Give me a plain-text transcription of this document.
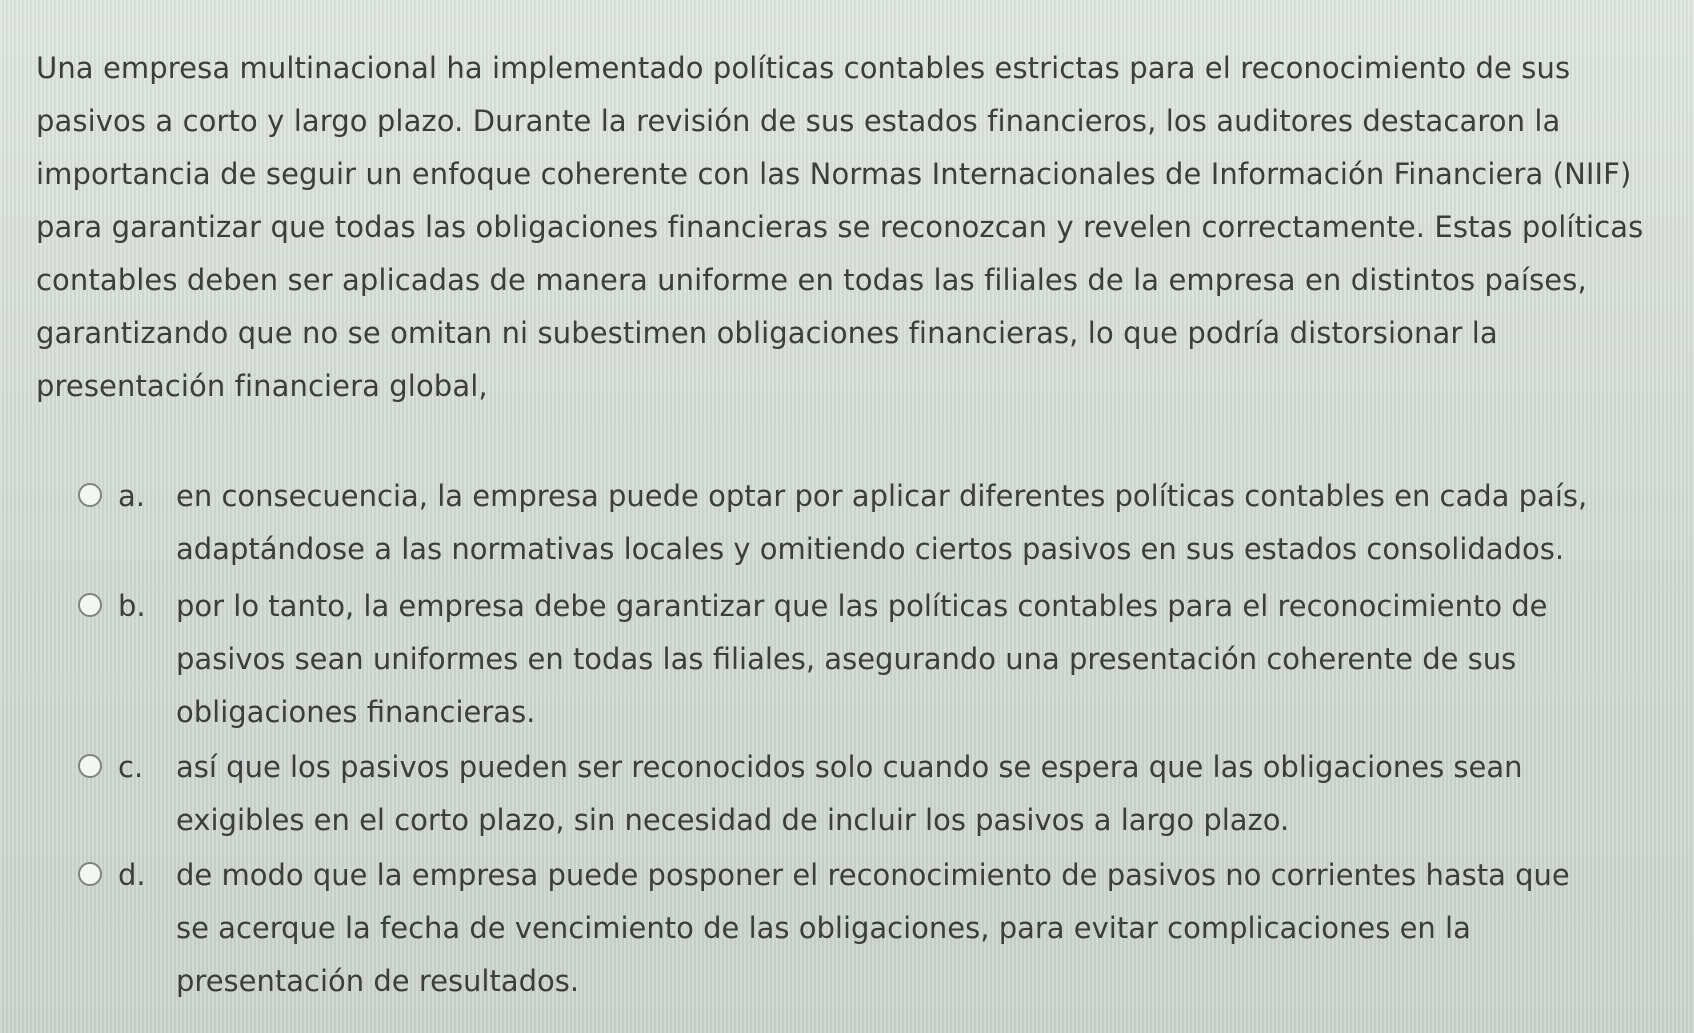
Una empresa multinacional ha implementado políticas contables estrictas para el reconocimiento de sus pasivos a corto y largo plazo. Durante la revisión de sus estados financieros, los auditores destacaron la importancia de seguir un enfoque coherente con las Normas Internacionales de Información Financiera (NIIF) para garantizar que todas las obligaciones financieras se reconozcan y revelen correctamente. Estas políticas contables deben ser aplicadas de manera uniforme en todas las filiales de la empresa en distintos países, garantizando que no se omitan ni subestimen obligaciones financieras, lo que podría distorsionar la presentación financiera global,
a.	en consecuencia, la empresa puede optar por aplicar diferentes políticas contables en cada país, adaptándose a las normativas locales y omitiendo ciertos pasivos en sus estados consolidados.
b.	por lo tanto, la empresa debe garantizar que las políticas contables para el reconocimiento de pasivos sean uniformes en todas las filiales, asegurando una presentación coherente de sus obligaciones financieras.
c.	así que los pasivos pueden ser reconocidos solo cuando se espera que las obligaciones sean exigibles en el corto plazo, sin necesidad de incluir los pasivos a largo plazo.
d.	de modo que la empresa puede posponer el reconocimiento de pasivos no corrientes hasta que se acerque la fecha de vencimiento de las obligaciones, para evitar complicaciones en la presentación de resultados.
